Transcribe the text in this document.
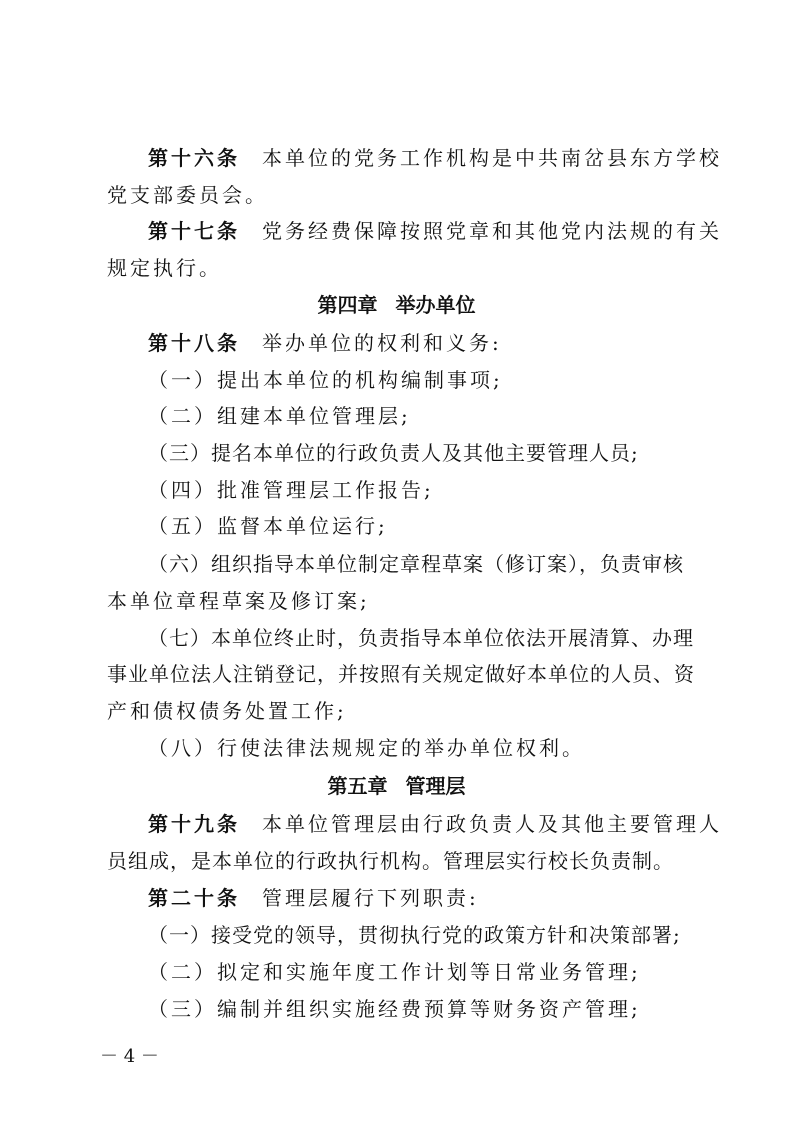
第十六条 本单位的党务工作机构是中共南岔县东方学校
党支部委员会。
第十七条 党务经费保障按照党章和其他党内法规的有关
规定执行。
第四章 举办单位
第十八条 举办单位的权利和义务:
（一）提出本单位的机构编制事项;
（二）组建本单位管理层;
（三）提名本单位的行政负责人及其他主要管理人员;
（四）批准管理层工作报告;
（五）监督本单位运行;
（六）组织指导本单位制定章程草案（修订案），负责审核
本单位章程草案及修订案;
（七）本单位终止时，负责指导本单位依法开展清算、办理
事业单位法人注销登记，并按照有关规定做好本单位的人员、资
产和债权债务处置工作;
（八）行使法律法规规定的举办单位权利。
第五章 管理层
第十九条 本单位管理层由行政负责人及其他主要管理人
员组成，是本单位的行政执行机构。管理层实行校长负责制。
第二十条 管理层履行下列职责:
（一）接受党的领导，贯彻执行党的政策方针和决策部署;
（二）拟定和实施年度工作计划等日常业务管理;
（三）编制并组织实施经费预算等财务资产管理;
－ 4 －
